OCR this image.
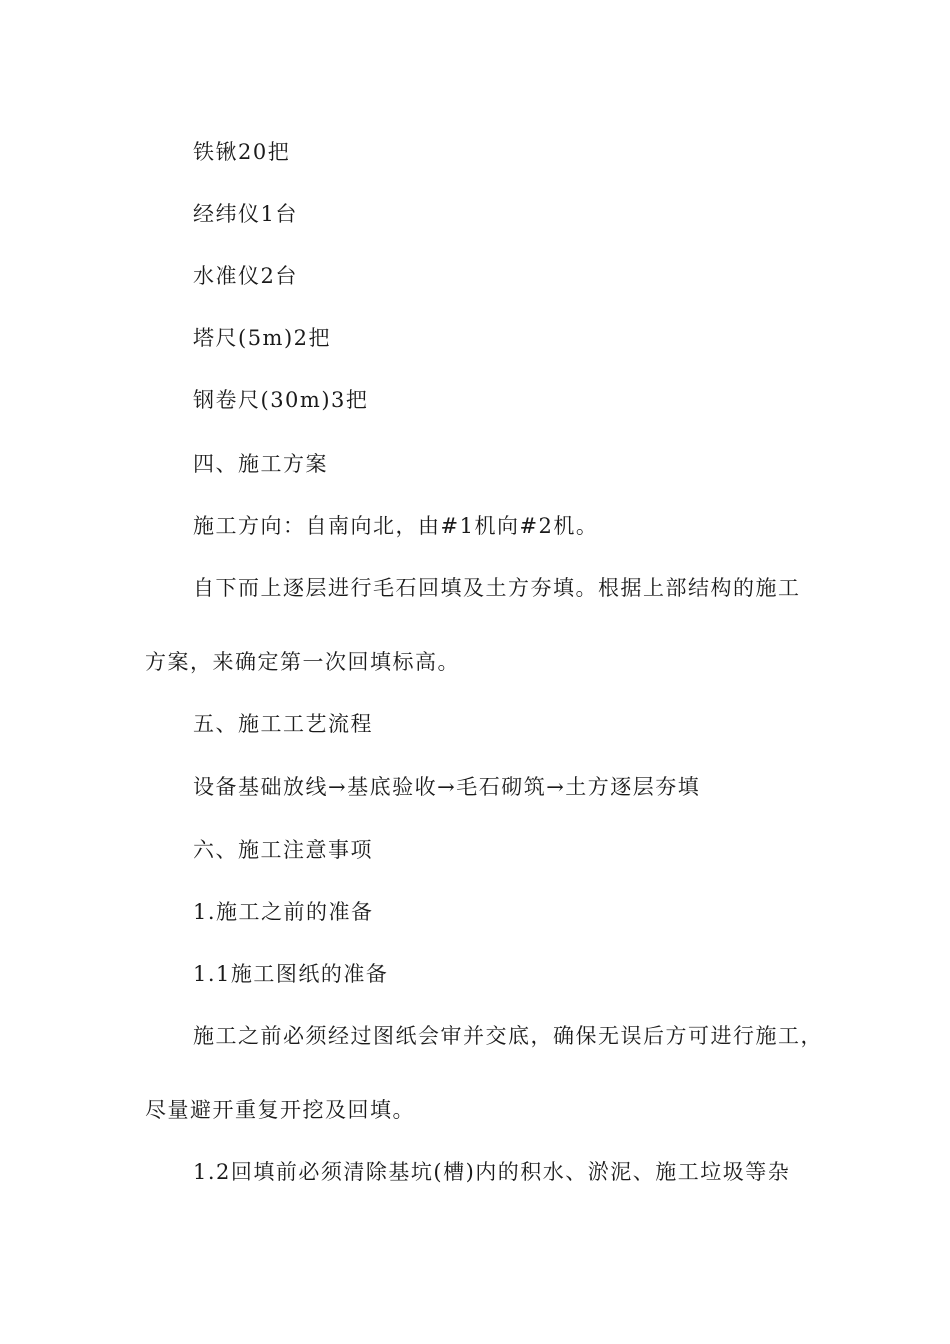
铁锹20把
经纬仪1台
水准仪2台
塔尺(5m)2把
钢卷尺(30m)3把
四、施工方案
施工方向：自南向北，由#1机向#2机。
自下而上逐层进行毛石回填及土方夯填。根据上部结构的施工
方案，来确定第一次回填标高。
五、施工工艺流程
设备基础放线→基底验收→毛石砌筑→土方逐层夯填
六、施工注意事项
1.施工之前的准备
1.1施工图纸的准备
施工之前必须经过图纸会审并交底，确保无误后方可进行施工，
尽量避开重复开挖及回填。
1.2回填前必须清除基坑(槽)内的积水、淤泥、施工垃圾等杂
